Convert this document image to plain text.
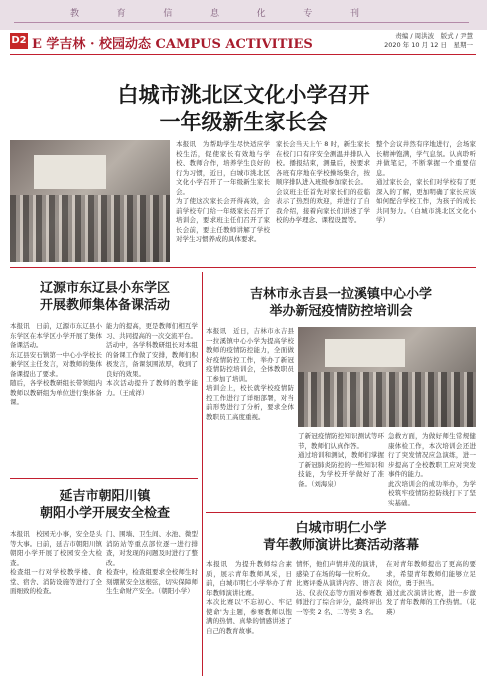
教	育	信	息	化	专	刊
D2 E 学吉林 · 校园动态 CAMPUS ACTIVITIES
责编 / 周洪波　版式 / 尹慧
2020 年 10 月 12 日　星期一
白城市洮北区文化小学召开
一年级新生家长会
本报讯　为帮助学生尽快适应学校生活，促使家长有效地与学校、教师合作，培养学生良好的行为习惯，近日，白城市洮北区文化小学召开了一年级新生家长会。
为了使这次家长会开得高效，会前学校专门给一年级家长召开了培训会，要求班主任们召开了家长会前，要主任教师讲解了学校对学生习惯养成的具体要求。
家长会当天上午 8 时，新生家长在校门口有序安全测温并排队入校。播报结束，测量后，按要求各班有序地在学校操场集合，按顺序排队进入班级参加家长会。
会议班主任首先对家长们的莅临表示了热烈的欢迎，并进行了自我介绍，接着向家长们讲述了学校的办学理念、课程设置等。
整个会议井然有序地进行，会场家长精神饱满，学气息氛。认真聆听并做笔记，不断掌握一个重要信息。
通过家长会，家长们对学校有了更深入的了解，更加明确了家长应该如何配合学校工作，为孩子的成长共同努力。（白城市洮北区文化小学）
辽源市东辽县小东学区
开展教师集体备课活动
本报讯　日前，辽源市东辽县小东学区在本学区小学开展了集体备课活动。
东辽县安石镇第一中心小学校长兼学区主任发言，对教师的集体备课提出了要求。
随后，各学校教研组长带领组内教师以教研组为单位进行集体备课。
能力的提高，更是教师们相互学习、共同提高的一次交流平台。
活动中，各学科教研组长对本组的备课工作做了安排，教师们积极发言，备课氛围浓厚，收到了良好的效果。
本次活动提升了教师的教学能力。（王成祥）
吉林市永吉县一拉溪镇中心小学
举办新冠疫情防控培训会
本报讯　近日，吉林市永吉县一拉溪镇中心小学为提高学校教师的疫情防控能力，全面做好疫情防控工作，举办了新冠疫情防控培训会，全体教职员工参加了培训。
培训会上，校长就学校疫情防控工作进行了详细部署，对当前形势进行了分析，要求全体教职员工高度重视。
了新冠疫情防控知识测试等环节，教师们认真作答。
通过培训和测试，教师们掌握了新冠肺炎防控的一些知识和技能，为学校开学做好了准备。（刘海泉）
急救方面，为做好师生常规健康体检工作，本次培训会还进行了突发情况应急演练，进一步提高了全校教职工应对突发事件的能力。
此次培训会的成功举办，为学校筑牢疫情防控防线打下了坚实基础。
延吉市朝阳川镇
朝阳小学开展安全检查
本报讯　校园无小事，安全是头等大事。日前，延吉市朝阳川镇朝阳小学开展了校园安全大检查。
检查组一行对学校教学楼、食堂、宿舍、消防设施等进行了全面细致的检查。
门、围墙、卫生间、水池、微型消防站等重点部位逐一进行排查，对发现的问题及时进行了整改。
检查中，检查组要求全校师生时刻绷紧安全这根弦，切实保障师生生命财产安全。（朝阳小学）
白城市明仁小学
青年教师演讲比赛活动落幕
本报讯　为提升教师综合素质，展示青年教师风采，日前，白城市明仁小学举办了青年教师演讲比赛。
本次比赛以'不忘初心、牢记使命'为主题，参赛教师以饱满的热情、真挚的情感讲述了自己的教育故事。
情怀，他们声情并茂的演讲，感染了在场的每一位听众。
比赛评委从演讲内容、语言表达、仪表仪态等方面对参赛教师进行了综合评分，最终评出一等奖 2 名、二等奖 3 名。
在对青年教师提出了更高的要求，希望青年教师们能够立足岗位，勇于担当。
通过此次演讲比赛，进一步激发了青年教师的工作热情。（花瑛）
